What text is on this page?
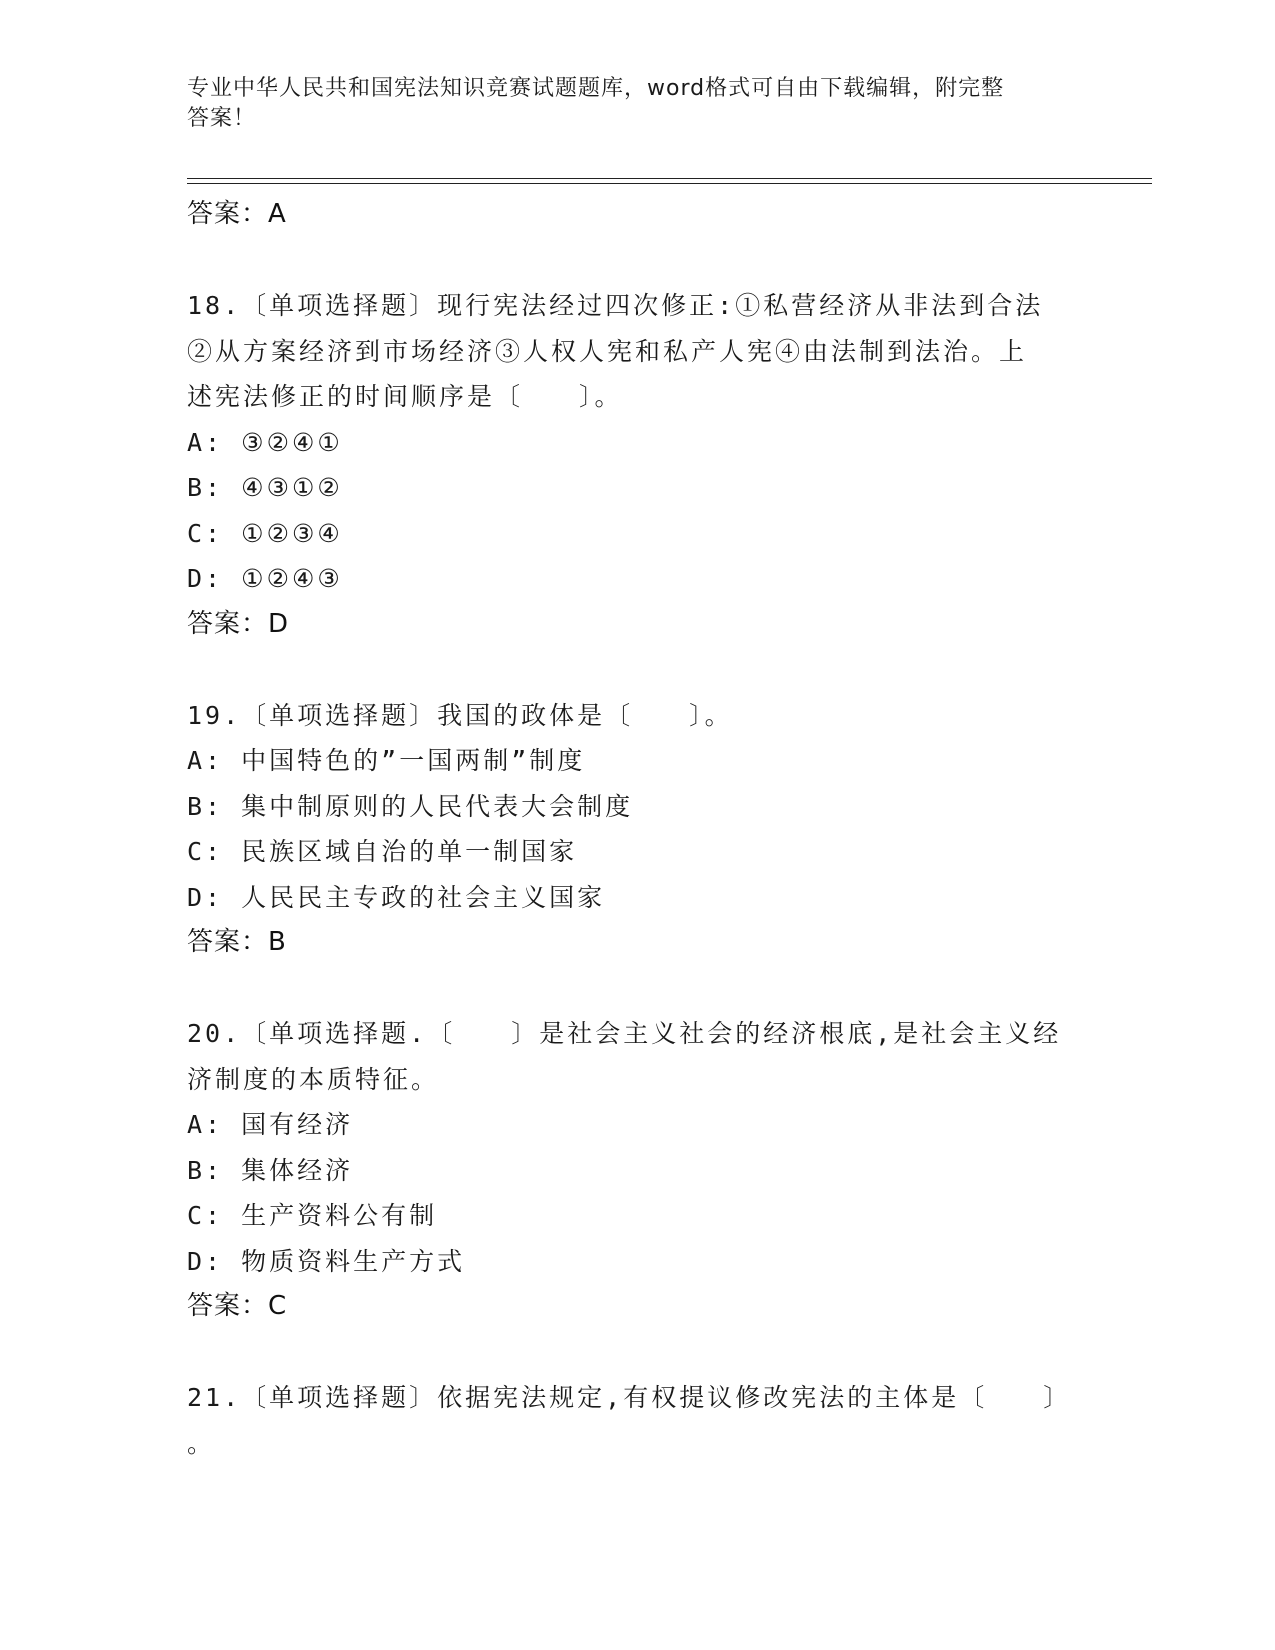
专业中华人民共和国宪法知识竞赛试题题库，word格式可自由下载编辑，附完整
答案！
答案：A
18.〔单项选择题〕现行宪法经过四次修正:①私营经济从非法到合法
②从方案经济到市场经济③人权人宪和私产人宪④由法制到法治。上
述宪法修正的时间顺序是〔　　〕。
A: ③②④①
B: ④③①②
C: ①②③④
D: ①②④③
答案：D
19.〔单项选择题〕我国的政体是〔　　〕。
A: 中国特色的”一国两制”制度
B: 集中制原则的人民代表大会制度
C: 民族区域自治的单一制国家
D: 人民民主专政的社会主义国家
答案：B
20.〔单项选择题.〔　　〕是社会主义社会的经济根底,是社会主义经
济制度的本质特征。
A: 国有经济
B: 集体经济
C: 生产资料公有制
D: 物质资料生产方式
答案：C
21.〔单项选择题〕依据宪法规定,有权提议修改宪法的主体是〔　　〕
。
